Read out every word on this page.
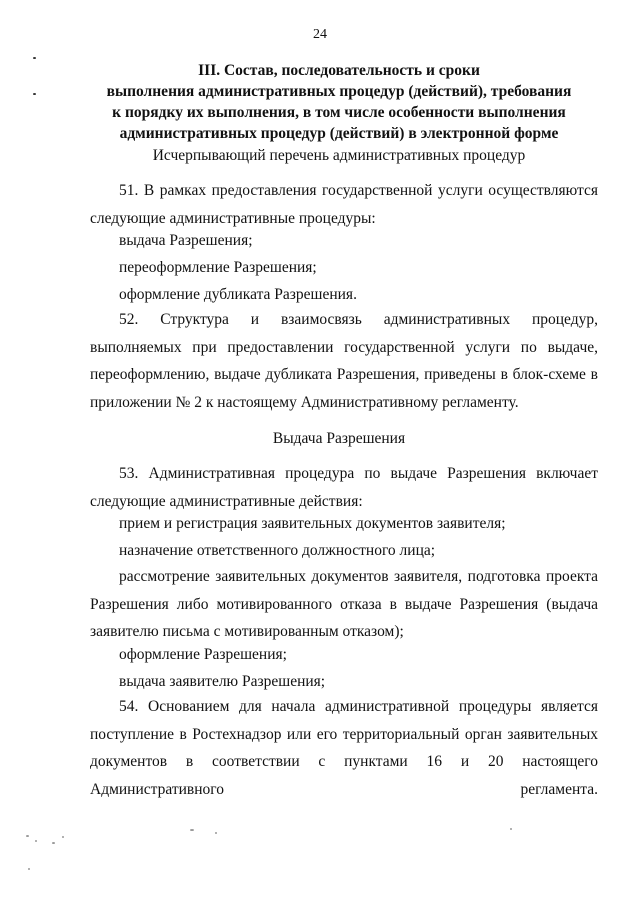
24
III. Состав, последовательность и сроки
выполнения административных процедур (действий), требования
к порядку их выполнения, в том числе особенности выполнения
административных процедур (действий) в электронной форме
Исчерпывающий перечень административных процедур
51. В рамках предоставления государственной услуги осуществляются следующие административные процедуры:
выдача Разрешения;
переоформление Разрешения;
оформление дубликата Разрешения.
52. Структура и взаимосвязь административных процедур, выполняемых при предоставлении государственной услуги по выдаче, переоформлению, выдаче дубликата Разрешения, приведены в блок-схеме в приложении № 2 к настоящему Административному регламенту.
Выдача Разрешения
53. Административная процедура по выдаче Разрешения включает следующие административные действия:
прием и регистрация заявительных документов заявителя;
назначение ответственного должностного лица;
рассмотрение заявительных документов заявителя, подготовка проекта Разрешения либо мотивированного отказа в выдаче Разрешения (выдача заявителю письма с мотивированным отказом);
оформление Разрешения;
выдача заявителю Разрешения;
54. Основанием для начала административной процедуры является поступление в Ростехнадзор или его территориальный орган заявительных документов в соответствии с пунктами 16 и 20 настоящего Административного регламента.
